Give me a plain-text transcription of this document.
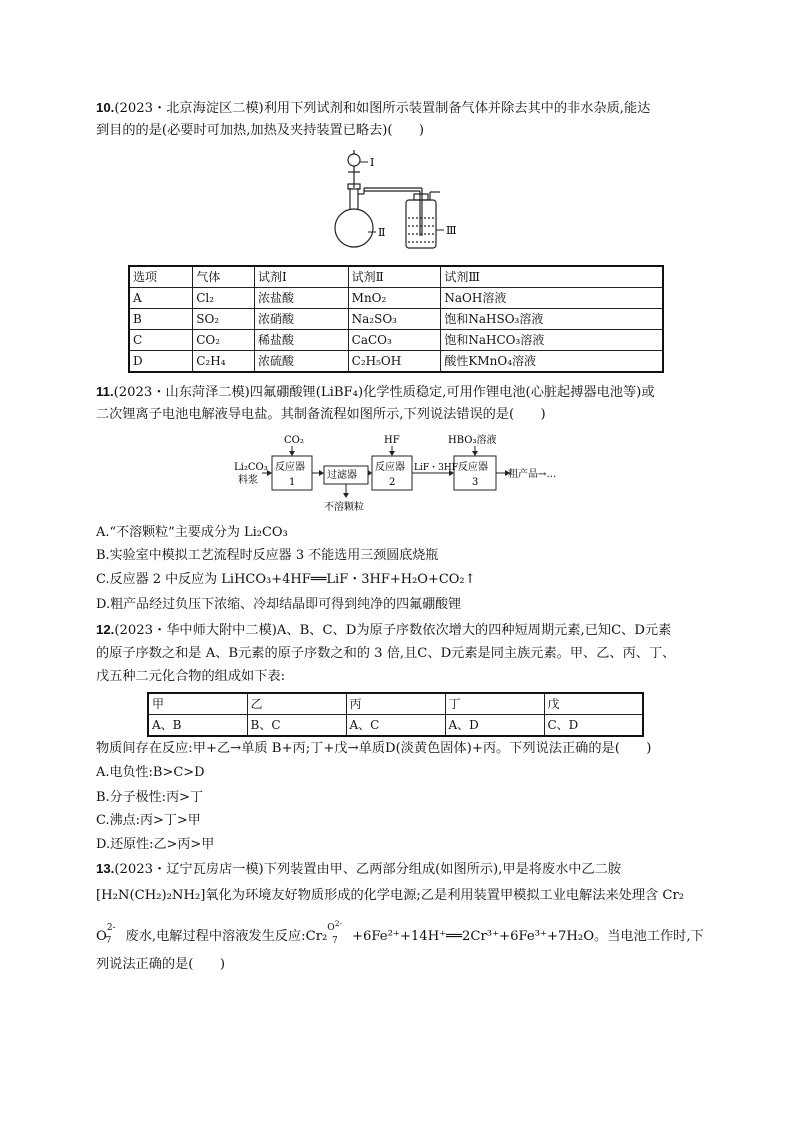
10.(2023・北京海淀区二模)利用下列试剂和如图所示装置制备气体并除去其中的非水杂质,能达
到目的的是(必要时可加热,加热及夹持装置已略去)(　　)
Ⅰ
Ⅱ	Ⅲ
选项	气体	试剂Ⅰ	试剂Ⅱ	试剂Ⅲ
A	Cl₂	浓盐酸	MnO₂	NaOH溶液
B	SO₂	浓硝酸	Na₂SO₃	饱和NaHSO₃溶液
C	CO₂	稀盐酸	CaCO₃	饱和NaHCO₃溶液
D	C₂H₄	浓硫酸	C₂H₅OH	酸性KMnO₄溶液
11.(2023・山东菏泽二模)四氟硼酸锂(LiBF₄)化学性质稳定,可用作锂电池(心脏起搏器电池等)或
二次锂离子电池电解液导电盐。其制备流程如图所示,下列说法错误的是(　　)
Li₂CO₃
料浆
CO₂
反应器
1
过滤器
不溶颗粒
HF
反应器
2
LiF・3HF
HBO₃溶液
反应器
3
粗产品→…
A.“不溶颗粒”主要成分为 Li₂CO₃
B.实验室中模拟工艺流程时反应器 3 不能选用三颈圆底烧瓶
C.反应器 2 中反应为 LiHCO₃+4HF══LiF・3HF+H₂O+CO₂↑
D.粗产品经过负压下浓缩、冷却结晶即可得到纯净的四氟硼酸锂
12.(2023・华中师大附中二模)A、B、C、D为原子序数依次增大的四种短周期元素,已知C、D元素
的原子序数之和是 A、B元素的原子序数之和的 3 倍,且C、D元素是同主族元素。甲、乙、丙、丁、
戊五种二元化合物的组成如下表:
甲	乙	丙	丁	戊
A、B	B、C	A、C	A、D	C、D
物质间存在反应:甲+乙→单质 B+丙;丁+戊→单质D(淡黄色固体)+丙。下列说法正确的是(　　)
A.电负性:B>C>D
B.分子极性:丙>丁
C.沸点:丙>丁>甲
D.还原性:乙>丙>甲
13.(2023・辽宁瓦房店一模)下列装置由甲、乙两部分组成(如图所示),甲是将废水中乙二胺
[H₂N(CH₂)₂NH₂]氧化为环境友好物质形成的化学电源;乙是利用装置甲模拟工业电解法来处理含 Cr₂
$O^{2-}_7$ 废水,电解过程中溶液发生反应:Cr₂$^{O^{2-}}_7$ +6Fe²⁺+14H⁺══2Cr³⁺+6Fe³⁺+7H₂O。当电池工作时,下
列说法正确的是(　　)
